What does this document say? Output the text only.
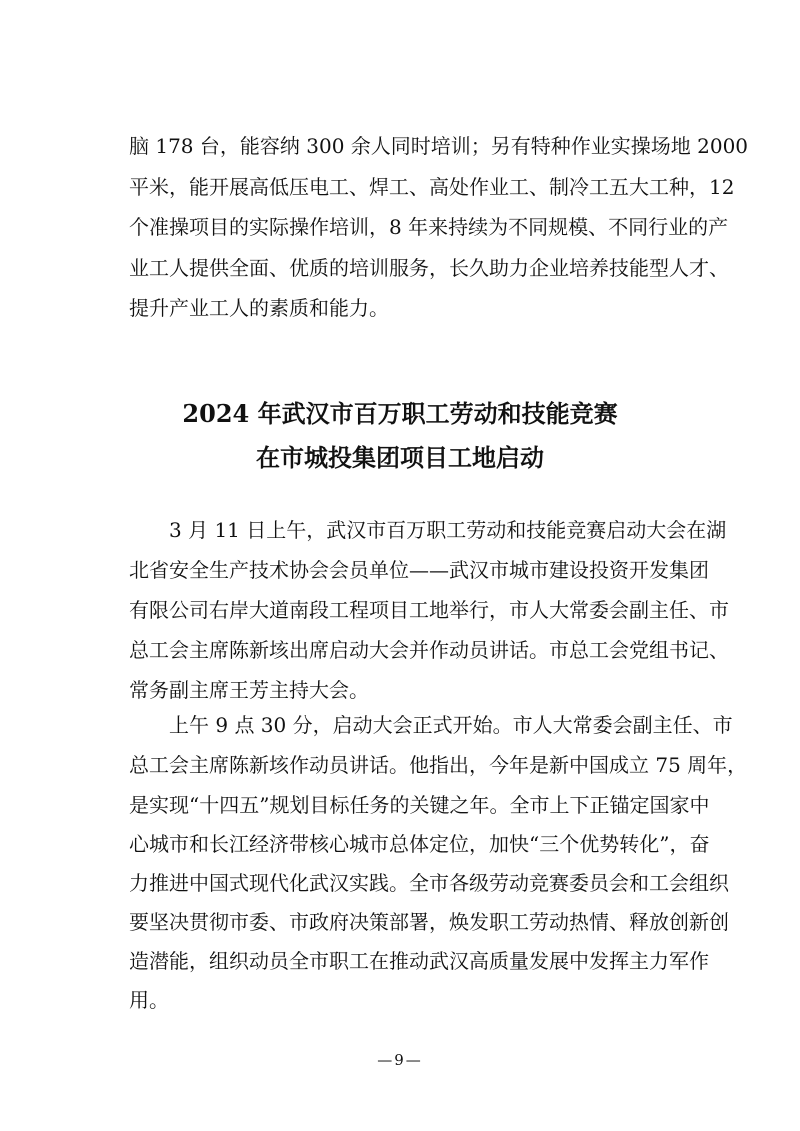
脑 178 台，能容纳 300 余人同时培训；另有特种作业实操场地 2000
平米，能开展高低压电工、焊工、高处作业工、制冷工五大工种，12
个准操项目的实际操作培训，8 年来持续为不同规模、不同行业的产
业工人提供全面、优质的培训服务，长久助力企业培养技能型人才、
提升产业工人的素质和能力。
2024 年武汉市百万职工劳动和技能竞赛
在市城投集团项目工地启动
3 月 11 日上午，武汉市百万职工劳动和技能竞赛启动大会在湖
北省安全生产技术协会会员单位——武汉市城市建设投资开发集团
有限公司右岸大道南段工程项目工地举行，市人大常委会副主任、市
总工会主席陈新垓出席启动大会并作动员讲话。市总工会党组书记、
常务副主席王芳主持大会。
上午 9 点 30 分，启动大会正式开始。市人大常委会副主任、市
总工会主席陈新垓作动员讲话。他指出，今年是新中国成立 75 周年，
是实现“十四五”规划目标任务的关键之年。全市上下正锚定国家中
心城市和长江经济带核心城市总体定位，加快“三个优势转化”，奋
力推进中国式现代化武汉实践。全市各级劳动竞赛委员会和工会组织
要坚决贯彻市委、市政府决策部署，焕发职工劳动热情、释放创新创
造潜能，组织动员全市职工在推动武汉高质量发展中发挥主力军作
用。
—9—
